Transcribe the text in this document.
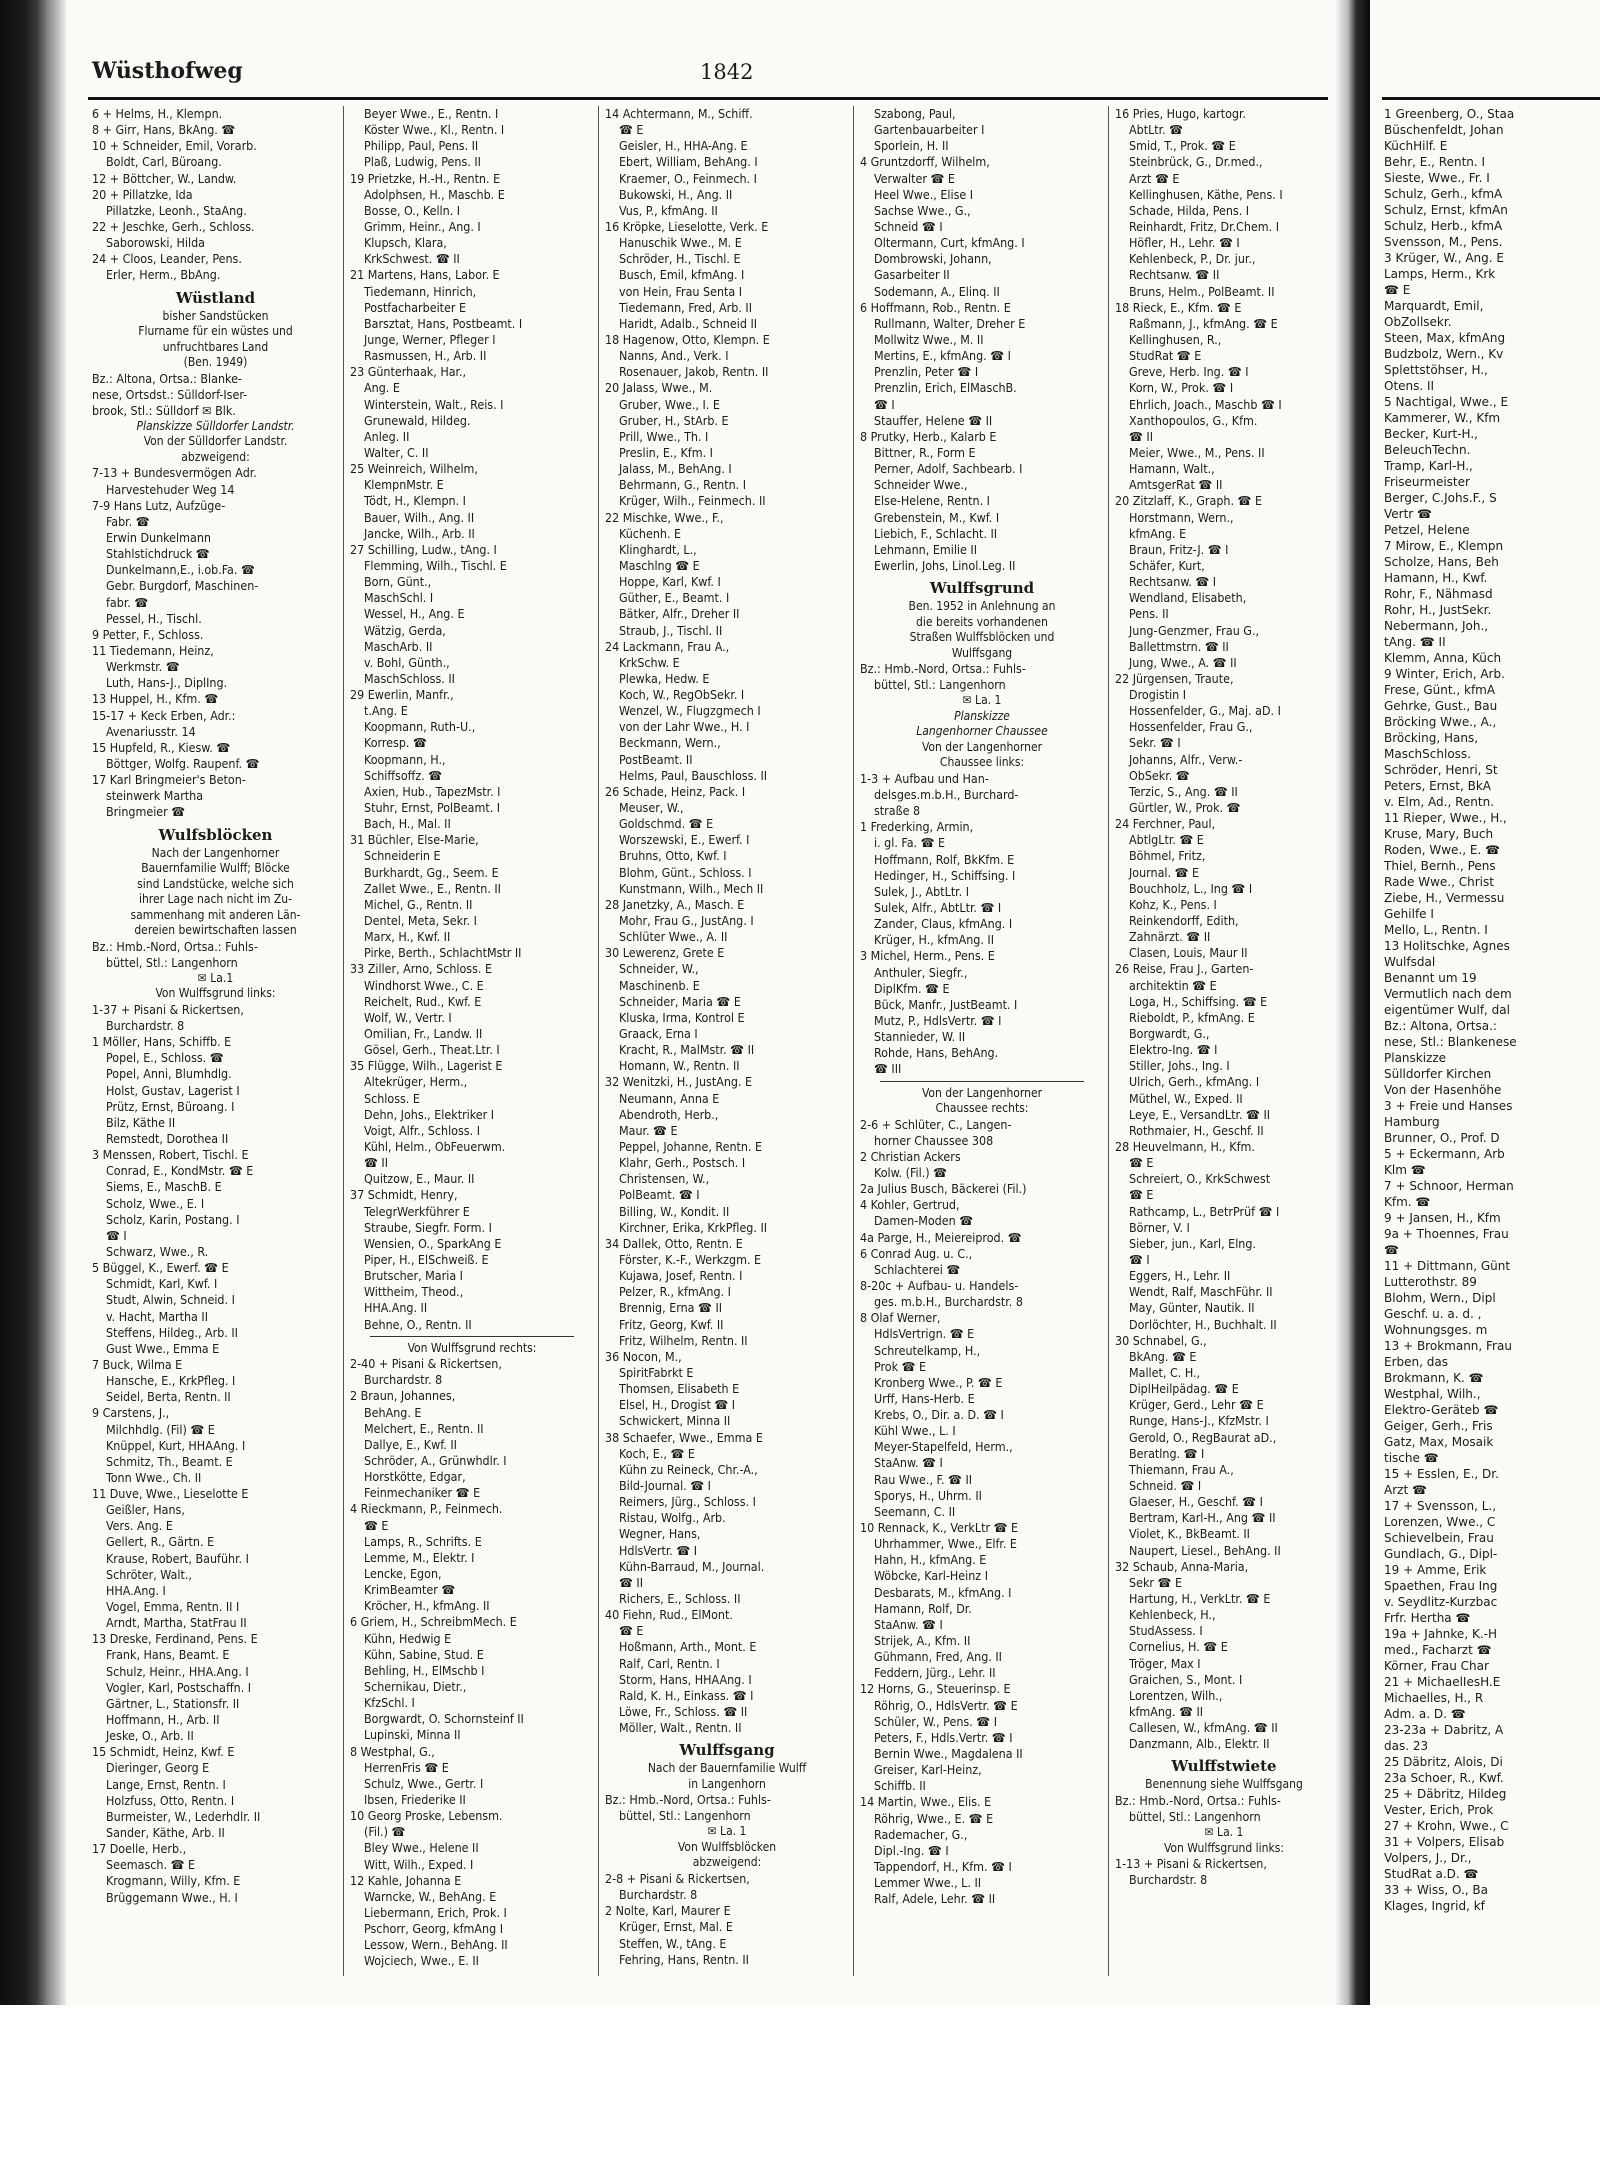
1 Greenberg, O., Staa
Büschenfeldt, Johan
KüchHilf. E
Behr, E., Rentn. I
Sieste, Wwe., Fr. I
Schulz, Gerh., kfmA
Schulz, Ernst, kfmAn
Schulz, Herb., kfmA
Svensson, M., Pens.
3 Krüger, W., Ang. E
Lamps, Herm., Krk
☎ E
Marquardt, Emil,
ObZollsekr.
Steen, Max, kfmAng
Budzbolz, Wern., Kv
Splettstöhser, H.,
Otens. II
5 Nachtigal, Wwe., E
Kammerer, W., Kfm
Becker, Kurt-H.,
BeleuchTechn.
Tramp, Karl-H.,
Friseurmeister
Berger, C.Johs.F., S
Vertr ☎
Petzel, Helene
7 Mirow, E., Klempn
Scholze, Hans, Beh
Hamann, H., Kwf.
Rohr, F., Nähmasd
Rohr, H., JustSekr.
Nebermann, Joh.,
tAng. ☎ II
Klemm, Anna, Küch
9 Winter, Erich, Arb.
Frese, Günt., kfmA
Gehrke, Gust., Bau
Bröcking Wwe., A.,
Bröcking, Hans,
MaschSchloss.
Schröder, Henri, St
Peters, Ernst, BkA
v. Elm, Ad., Rentn.
11 Rieper, Wwe., H.,
Kruse, Mary, Buch
Roden, Wwe., E. ☎
Thiel, Bernh., Pens
Rade Wwe., Christ
Ziebe, H., Vermessu
Gehilfe I
Mello, L., Rentn. I
13 Holitschke, Agnes
Wulfsdal
Benannt um 19
Vermutlich nach dem
eigentümer Wulf, dal
Bz.: Altona, Ortsa.:
nese, Stl.: Blankenese
Planskizze
Sülldorfer Kirchen
Von der Hasenhöhe
3 + Freie und Hanses
Hamburg
Brunner, O., Prof. D
5 + Eckermann, Arb
Klm ☎
7 + Schnoor, Herman
Kfm. ☎
9 + Jansen, H., Kfm
9a + Thoennes, Frau
☎
11 + Dittmann, Günt
Lutterothstr. 89
Blohm, Wern., Dipl
Geschf. u. a. d. ,
Wohnungsges. m
13 + Brokmann, Frau
Erben, das
Brokmann, K. ☎
Westphal, Wilh.,
Elektro-Geräteb ☎
Geiger, Gerh., Fris
Gatz, Max, Mosaik
tische ☎
15 + Esslen, E., Dr.
Arzt ☎
17 + Svensson, L.,
Lorenzen, Wwe., C
Schievelbein, Frau
Gundlach, G., Dipl-
19 + Amme, Erik
Spaethen, Frau Ing
v. Seydlitz-Kurzbac
Frfr. Hertha ☎
19a + Jahnke, K.-H
med., Facharzt ☎
Körner, Frau Char
21 + MichaelIesH.E
Michaelles, H., R
Adm. a. D. ☎
23-23a + Dabritz, A
das. 23
25 Däbritz, Alois, Di
23a Schoer, R., Kwf.
25 + Däbritz, Hildeg
Vester, Erich, Prok
27 + Krohn, Wwe., C
31 + Volpers, Elisab
Volpers, J., Dr.,
StudRat a.D. ☎
33 + Wiss, O., Ba
Klages, Ingrid, kf
Wüsthofweg	1842
6 + Helms, H., Klempn.
8 + Girr, Hans, BkAng. ☎
10 + Schneider, Emil, Vorarb.
Boldt, Carl, Büroang.
12 + Böttcher, W., Landw.
20 + Pillatzke, Ida
Pillatzke, Leonh., StaAng.
22 + Jeschke, Gerh., Schloss.
Saborowski, Hilda
24 + Cloos, Leander, Pens.
Erler, Herm., BbAng.
Wüstland
bisher Sandstücken
Flurname für ein wüstes und
unfruchtbares Land
(Ben. 1949)
Bz.: Altona, Ortsa.: Blanke-
nese, Ortsdst.: Sülldorf-Iser-
brook, Stl.: Sülldorf ✉ Blk.
Planskizze Sülldorfer Landstr.
Von der Sülldorfer Landstr.
abzweigend:
7-13 + Bundesvermögen Adr.
Harvestehuder Weg 14
7-9 Hans Lutz, Aufzüge-
Fabr. ☎
Erwin Dunkelmann
Stahlstichdruck ☎
Dunkelmann,E., i.ob.Fa. ☎
Gebr. Burgdorf, Maschinen-
fabr. ☎
Pessel, H., Tischl.
9 Petter, F., Schloss.
11 Tiedemann, Heinz,
Werkmstr. ☎
Luth, Hans-J., DiplIng.
13 Huppel, H., Kfm. ☎
15-17 + Keck Erben, Adr.:
Avenariusstr. 14
15 Hupfeld, R., Kiesw. ☎
Böttger, Wolfg. Raupenf. ☎
17 Karl Bringmeier's Beton-
steinwerk Martha
Bringmeier ☎
Wulfsblöcken
Nach der Langenhorner
Bauernfamilie Wulff; Blöcke
sind Landstücke, welche sich
ihrer Lage nach nicht im Zu-
sammenhang mit anderen Län-
dereien bewirtschaften lassen
Bz.: Hmb.-Nord, Ortsa.: Fuhls-
büttel, Stl.: Langenhorn
✉ La.1
Von Wulffsgrund links:
1-37 + Pisani & Rickertsen,
Burchardstr. 8
1 Möller, Hans, Schiffb. E
Popel, E., Schloss. ☎
Popel, Anni, Blumhdlg.
Holst, Gustav, Lagerist I
Prütz, Ernst, Büroang. I
Bilz, Käthe II
Remstedt, Dorothea II
3 Menssen, Robert, Tischl. E
Conrad, E., KondMstr. ☎ E
Siems, E., MaschB. E
Scholz, Wwe., E. I
Scholz, Karin, Postang. I
☎ I
Schwarz, Wwe., R.
5 Büggel, K., Ewerf. ☎ E
Schmidt, Karl, Kwf. I
Studt, Alwin, Schneid. I
v. Hacht, Martha II
Steffens, Hildeg., Arb. II
Gust Wwe., Emma E
7 Buck, Wilma E
Hansche, E., KrkPfleg. I
Seidel, Berta, Rentn. II
9 Carstens, J.,
Milchhdlg. (Fil) ☎ E
Knüppel, Kurt, HHAAng. I
Schmitz, Th., Beamt. E
Tonn Wwe., Ch. II
11 Duve, Wwe., Lieselotte E
Geißler, Hans,
Vers. Ang. E
Gellert, R., Gärtn. E
Krause, Robert, Bauführ. I
Schröter, Walt.,
HHA.Ang. I
Vogel, Emma, Rentn. II I
Arndt, Martha, StatFrau II
13 Dreske, Ferdinand, Pens. E
Frank, Hans, Beamt. E
Schulz, Heinr., HHA.Ang. I
Vogler, Karl, Postschaffn. I
Gärtner, L., Stationsfr. II
Hoffmann, H., Arb. II
Jeske, O., Arb. II
15 Schmidt, Heinz, Kwf. E
Dieringer, Georg E
Lange, Ernst, Rentn. I
Holzfuss, Otto, Rentn. I
Burmeister, W., Lederhdlr. II
Sander, Käthe, Arb. II
17 Doelle, Herb.,
Seemasch. ☎ E
Krogmann, Willy, Kfm. E
Brüggemann Wwe., H. I
Beyer Wwe., E., Rentn. I
Köster Wwe., Kl., Rentn. I
Philipp, Paul, Pens. II
Plaß, Ludwig, Pens. II
19 Prietzke, H.-H., Rentn. E
Adolphsen, H., Maschb. E
Bosse, O., Kelln. I
Grimm, Heinr., Ang. I
Klupsch, Klara,
KrkSchwest. ☎ II
21 Martens, Hans, Labor. E
Tiedemann, Hinrich,
Postfacharbeiter E
Barsztat, Hans, Postbeamt. I
Junge, Werner, Pfleger I
Rasmussen, H., Arb. II
23 Günterhaak, Har.,
Ang. E
Winterstein, Walt., Reis. I
Grunewald, Hildeg.
Anleg. II
Walter, C. II
25 Weinreich, Wilhelm,
KlempnMstr. E
Tödt, H., Klempn. I
Bauer, Wilh., Ang. II
Jancke, Wilh., Arb. II
27 Schilling, Ludw., tAng. I
Flemming, Wilh., Tischl. E
Born, Günt.,
MaschSchl. I
Wessel, H., Ang. E
Wätzig, Gerda,
MaschArb. II
v. Bohl, Günth.,
MaschSchloss. II
29 Ewerlin, Manfr.,
t.Ang. E
Koopmann, Ruth-U.,
Korresp. ☎
Koopmann, H.,
Schiffsoffz. ☎
Axien, Hub., TapezMstr. I
Stuhr, Ernst, PolBeamt. I
Bach, H., Mal. II
31 Büchler, Else-Marie,
Schneiderin E
Burkhardt, Gg., Seem. E
Zallet Wwe., E., Rentn. II
Michel, G., Rentn. II
Dentel, Meta, Sekr. I
Marx, H., Kwf. II
Pirke, Berth., SchlachtMstr II
33 Ziller, Arno, Schloss. E
Windhorst Wwe., C. E
Reichelt, Rud., Kwf. E
Wolf, W., Vertr. I
Omilian, Fr., Landw. II
Gösel, Gerh., Theat.Ltr. I
35 Flügge, Wilh., Lagerist E
Altekrüger, Herm.,
Schloss. E
Dehn, Johs., Elektriker I
Voigt, Alfr., Schloss. I
Kühl, Helm., ObFeuerwm.
☎ II
Quitzow, E., Maur. II
37 Schmidt, Henry,
TelegrWerkführer E
Straube, Siegfr. Form. I
Wensien, O., SparkAng E
Piper, H., ElSchweiß. E
Brutscher, Maria I
Wittheim, Theod.,
HHA.Ang. II
Behne, O., Rentn. II
Von Wulffsgrund rechts:
2-40 + Pisani & Rickertsen,
Burchardstr. 8
2 Braun, Johannes,
BehAng. E
Melchert, E., Rentn. II
Dallye, E., Kwf. II
Schröder, A., Grünwhdlr. I
Horstkötte, Edgar,
Feinmechaniker ☎ E
4 Rieckmann, P., Feinmech.
☎ E
Lamps, R., Schrifts. E
Lemme, M., Elektr. I
Lencke, Egon,
KrimBeamter ☎
Kröcher, H., kfmAng. II
6 Griem, H., SchreibmMech. E
Kühn, Hedwig E
Kühn, Sabine, Stud. E
Behling, H., ElMschb I
Schernikau, Dietr.,
KfzSchl. I
Borgwardt, O. Schornsteinf II
Lupinski, Minna II
8 Westphal, G.,
HerrenFris ☎ E
Schulz, Wwe., Gertr. I
Ibsen, Friederike II
10 Georg Proske, Lebensm.
(Fil.) ☎
Bley Wwe., Helene II
Witt, Wilh., Exped. I
12 Kahle, Johanna E
Warncke, W., BehAng. E
Liebermann, Erich, Prok. I
Pschorr, Georg, kfmAng I
Lessow, Wern., BehAng. II
Wojciech, Wwe., E. II
14 Achtermann, M., Schiff.
☎ E
Geisler, H., HHA-Ang. E
Ebert, William, BehAng. I
Kraemer, O., Feinmech. I
Bukowski, H., Ang. II
Vus, P., kfmAng. II
16 Kröpke, Lieselotte, Verk. E
Hanuschik Wwe., M. E
Schröder, H., Tischl. E
Busch, Emil, kfmAng. I
von Hein, Frau Senta I
Tiedemann, Fred, Arb. II
Haridt, Adalb., Schneid II
18 Hagenow, Otto, Klempn. E
Nanns, And., Verk. I
Rosenauer, Jakob, Rentn. II
20 Jalass, Wwe., M.
Gruber, Wwe., I. E
Gruber, H., StArb. E
Prill, Wwe., Th. I
Preslin, E., Kfm. I
Jalass, M., BehAng. I
Behrmann, G., Rentn. I
Krüger, Wilh., Feinmech. II
22 Mischke, Wwe., F.,
Küchenh. E
Klinghardt, L.,
Maschlng ☎ E
Hoppe, Karl, Kwf. I
Güther, E., Beamt. I
Bätker, Alfr., Dreher II
Straub, J., Tischl. II
24 Lackmann, Frau A.,
KrkSchw. E
Plewka, Hedw. E
Koch, W., RegObSekr. I
Wenzel, W., Flugzgmech I
von der Lahr Wwe., H. I
Beckmann, Wern.,
PostBeamt. II
Helms, Paul, Bauschloss. II
26 Schade, Heinz, Pack. I
Meuser, W.,
Goldschmd. ☎ E
Worszewski, E., Ewerf. I
Bruhns, Otto, Kwf. I
Blohm, Günt., Schloss. I
Kunstmann, Wilh., Mech II
28 Janetzky, A., Masch. E
Mohr, Frau G., JustAng. I
Schlüter Wwe., A. II
30 Lewerenz, Grete E
Schneider, W.,
Maschinenb. E
Schneider, Maria ☎ E
Kluska, Irma, Kontrol E
Graack, Erna I
Kracht, R., MalMstr. ☎ II
Homann, W., Rentn. II
32 Wenitzki, H., JustAng. E
Neumann, Anna E
Abendroth, Herb.,
Maur. ☎ E
Peppel, Johanne, Rentn. E
Klahr, Gerh., Postsch. I
Christensen, W.,
PolBeamt. ☎ I
Billing, W., Kondit. II
Kirchner, Erika, KrkPfleg. II
34 Dallek, Otto, Rentn. E
Förster, K.-F., Werkzgm. E
Kujawa, Josef, Rentn. I
Pelzer, R., kfmAng. I
Brennig, Erna ☎ II
Fritz, Georg, Kwf. II
Fritz, Wilhelm, Rentn. II
36 Nocon, M.,
SpiritFabrkt E
Thomsen, Elisabeth E
Elsel, H., Drogist ☎ I
Schwickert, Minna II
38 Schaefer, Wwe., Emma E
Koch, E., ☎ E
Kühn zu Reineck, Chr.-A.,
Bild-Journal. ☎ I
Reimers, Jürg., Schloss. I
Ristau, Wolfg., Arb.
Wegner, Hans,
HdlsVertr. ☎ I
Kühn-Barraud, M., Journal.
☎ II
Richers, E., Schloss. II
40 Fiehn, Rud., ElMont.
☎ E
Hoßmann, Arth., Mont. E
Ralf, Carl, Rentn. I
Storm, Hans, HHAAng. I
Rald, K. H., Einkass. ☎ I
Löwe, Fr., Schloss. ☎ II
Möller, Walt., Rentn. II
Wulffsgang
Nach der Bauernfamilie Wulff
in Langenhorn
Bz.: Hmb.-Nord, Ortsa.: Fuhls-
büttel, Stl.: Langenhorn
✉ La. 1
Von Wulffsblöcken
abzweigend:
2-8 + Pisani & Rickertsen,
Burchardstr. 8
2 Nolte, Karl, Maurer E
Krüger, Ernst, Mal. E
Steffen, W., tAng. E
Fehring, Hans, Rentn. II
Szabong, Paul,
Gartenbauarbeiter I
Sporlein, H. II
4 Gruntzdorff, Wilhelm,
Verwalter ☎ E
Heel Wwe., Elise I
Sachse Wwe., G.,
Schneid ☎ I
Oltermann, Curt, kfmAng. I
Dombrowski, Johann,
Gasarbeiter II
Sodemann, A., Elinq. II
6 Hoffmann, Rob., Rentn. E
Rullmann, Walter, Dreher E
Mollwitz Wwe., M. II
Mertins, E., kfmAng. ☎ I
Prenzlin, Peter ☎ I
Prenzlin, Erich, ElMaschB.
☎ I
Stauffer, Helene ☎ II
8 Prutky, Herb., Kalarb E
Bittner, R., Form E
Perner, Adolf, Sachbearb. I
Schneider Wwe.,
Else-Helene, Rentn. I
Grebenstein, M., Kwf. I
Liebich, F., Schlacht. II
Lehmann, Emilie II
Ewerlin, Johs, Linol.Leg. II
Wulffsgrund
Ben. 1952 in Anlehnung an
die bereits vorhandenen
Straßen Wulffsblöcken und
Wulffsgang
Bz.: Hmb.-Nord, Ortsa.: Fuhls-
büttel, Stl.: Langenhorn
✉ La. 1
Planskizze
Langenhorner Chaussee
Von der Langenhorner
Chaussee links:
1-3 + Aufbau und Han-
delsges.m.b.H., Burchard-
straße 8
1 Frederking, Armin,
i. gl. Fa. ☎ E
Hoffmann, Rolf, BkKfm. E
Hedinger, H., Schiffsing. I
Sulek, J., AbtLtr. I
Sulek, Alfr., AbtLtr. ☎ I
Zander, Claus, kfmAng. I
Krüger, H., kfmAng. II
3 Michel, Herm., Pens. E
Anthuler, Siegfr.,
DiplKfm. ☎ E
Bück, Manfr., JustBeamt. I
Mutz, P., HdlsVertr. ☎ I
Stannieder, W. II
Rohde, Hans, BehAng.
☎ III
Von der Langenhorner
Chaussee rechts:
2-6 + Schlüter, C., Langen-
horner Chaussee 308
2 Christian Ackers
Kolw. (Fil.) ☎
2a Julius Busch, Bäckerei (Fil.)
4 Kohler, Gertrud,
Damen-Moden ☎
4a Parge, H., Meiereiprod. ☎
6 Conrad Aug. u. C.,
Schlachterei ☎
8-20c + Aufbau- u. Handels-
ges. m.b.H., Burchardstr. 8
8 Olaf Werner,
HdlsVertrign. ☎ E
Schreutelkamp, H.,
Prok ☎ E
Kronberg Wwe., P. ☎ E
Urff, Hans-Herb. E
Krebs, O., Dir. a. D. ☎ I
Kühl Wwe., L. I
Meyer-Stapelfeld, Herm.,
StaAnw. ☎ I
Rau Wwe., F. ☎ II
Sporys, H., Uhrm. II
Seemann, C. II
10 Rennack, K., VerkLtr ☎ E
Uhrhammer, Wwe., Elfr. E
Hahn, H., kfmAng. E
Wöbcke, Karl-Heinz I
Desbarats, M., kfmAng. I
Hamann, Rolf, Dr.
StaAnw. ☎ I
Strijek, A., Kfm. II
Gühmann, Fred, Ang. II
Feddern, Jürg., Lehr. II
12 Horns, G., Steuerinsp. E
Röhrig, O., HdlsVertr. ☎ E
Schüler, W., Pens. ☎ I
Peters, F., Hdls.Vertr. ☎ I
Bernin Wwe., Magdalena II
Greiser, Karl-Heinz,
Schiffb. II
14 Martin, Wwe., Elis. E
Röhrig, Wwe., E. ☎ E
Rademacher, G.,
Dipl.-Ing. ☎ I
Tappendorf, H., Kfm. ☎ I
Lemmer Wwe., L. II
Ralf, Adele, Lehr. ☎ II
16 Pries, Hugo, kartogr.
AbtLtr. ☎
Smid, T., Prok. ☎ E
Steinbrück, G., Dr.med.,
Arzt ☎ E
Kellinghusen, Käthe, Pens. I
Schade, Hilda, Pens. I
Reinhardt, Fritz, Dr.Chem. I
Höfler, H., Lehr. ☎ I
Kehlenbeck, P., Dr. jur.,
Rechtsanw. ☎ II
Bruns, Helm., PolBeamt. II
18 Rieck, E., Kfm. ☎ E
Raßmann, J., kfmAng. ☎ E
Kellinghusen, R.,
StudRat ☎ E
Greve, Herb. Ing. ☎ I
Korn, W., Prok. ☎ I
Ehrlich, Joach., Maschb ☎ I
Xanthopoulos, G., Kfm.
☎ II
Meier, Wwe., M., Pens. II
Hamann, Walt.,
AmtsgerRat ☎ II
20 Zitzlaff, K., Graph. ☎ E
Horstmann, Wern.,
kfmAng. E
Braun, Fritz-J. ☎ I
Schäfer, Kurt,
Rechtsanw. ☎ I
Wendland, Elisabeth,
Pens. II
Jung-Genzmer, Frau G.,
Ballettmstrn. ☎ II
Jung, Wwe., A. ☎ II
22 Jürgensen, Traute,
Drogistin I
Hossenfelder, G., Maj. aD. I
Hossenfelder, Frau G.,
Sekr. ☎ I
Johanns, Alfr., Verw.-
ObSekr. ☎
Terzic, S., Ang. ☎ II
Gürtler, W., Prok. ☎
24 Ferchner, Paul,
AbtlgLtr. ☎ E
Böhmel, Fritz,
Journal. ☎ E
Bouchholz, L., Ing ☎ I
Kohz, K., Pens. I
Reinkendorff, Edith,
Zahnärzt. ☎ II
Clasen, Louis, Maur II
26 Reise, Frau J., Garten-
architektin ☎ E
Loga, H., Schiffsing. ☎ E
Rieboldt, P., kfmAng. E
Borgwardt, G.,
Elektro-Ing. ☎ I
Stiller, Johs., Ing. I
Ulrich, Gerh., kfmAng. I
Müthel, W., Exped. II
Leye, E., VersandLtr. ☎ II
Rothmaier, H., Geschf. II
28 Heuvelmann, H., Kfm.
☎ E
Schreiert, O., KrkSchwest
☎ E
Rathcamp, L., BetrPrüf ☎ I
Börner, V. I
Sieber, jun., Karl, Elng.
☎ I
Eggers, H., Lehr. II
Wendt, Ralf, MaschFühr. II
May, Günter, Nautik. II
Dorlöchter, H., Buchhalt. II
30 Schnabel, G.,
BkAng. ☎ E
Mallet, C. H.,
DiplHeilpädag. ☎ E
Krüger, Gerd., Lehr ☎ E
Runge, Hans-J., KfzMstr. I
Gerold, O., RegBaurat aD.,
Beratlng. ☎ I
Thiemann, Frau A.,
Schneid. ☎ I
Glaeser, H., Geschf. ☎ I
Bertram, Karl-H., Ang ☎ II
Violet, K., BkBeamt. II
Naupert, Liesel., BehAng. II
32 Schaub, Anna-Maria,
Sekr ☎ E
Hartung, H., VerkLtr. ☎ E
Kehlenbeck, H.,
StudAssess. I
Cornelius, H. ☎ E
Tröger, Max I
Graichen, S., Mont. I
Lorentzen, Wilh.,
kfmAng. ☎ II
Callesen, W., kfmAng. ☎ II
Danzmann, Alb., Elektr. II
Wulffstwiete
Benennung siehe Wulffsgang
Bz.: Hmb.-Nord, Ortsa.: Fuhls-
büttel, Stl.: Langenhorn
✉ La. 1
Von Wulffsgrund links:
1-13 + Pisani & Rickertsen,
Burchardstr. 8
